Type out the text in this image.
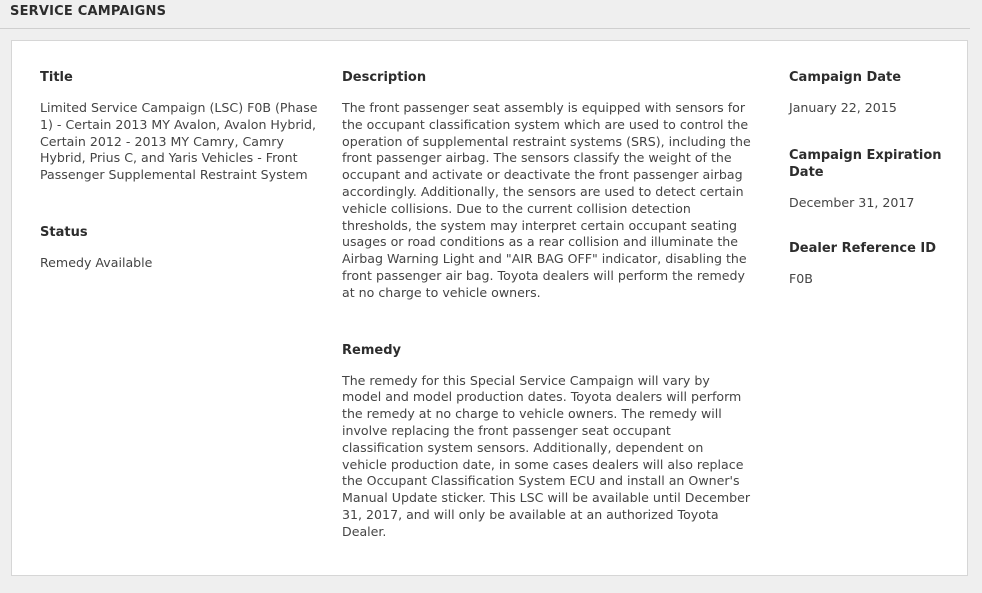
SERVICE CAMPAIGNS

Title

Limited Service Campaign (LSC) F0B (Phase 1) - Certain 2013 MY Avalon, Avalon Hybrid, Certain 2012 - 2013 MY Camry, Camry Hybrid, Prius C, and Yaris Vehicles - Front Passenger Supplemental Restraint System

Status

Remedy Available

Description

The front passenger seat assembly is equipped with sensors for the occupant classification system which are used to control the operation of supplemental restraint systems (SRS), including the front passenger airbag. The sensors classify the weight of the occupant and activate or deactivate the front passenger airbag accordingly. Additionally, the sensors are used to detect certain vehicle collisions. Due to the current collision detection thresholds, the system may interpret certain occupant seating usages or road conditions as a rear collision and illuminate the Airbag Warning Light and "AIR BAG OFF" indicator, disabling the front passenger air bag. Toyota dealers will perform the remedy at no charge to vehicle owners.

Remedy

The remedy for this Special Service Campaign will vary by model and model production dates. Toyota dealers will perform the remedy at no charge to vehicle owners. The remedy will involve replacing the front passenger seat occupant classification system sensors. Additionally, dependent on vehicle production date, in some cases dealers will also replace the Occupant Classification System ECU and install an Owner's Manual Update sticker. This LSC will be available until December 31, 2017, and will only be available at an authorized Toyota Dealer.

Campaign Date

January 22, 2015

Campaign Expiration Date

December 31, 2017

Dealer Reference ID

F0B
